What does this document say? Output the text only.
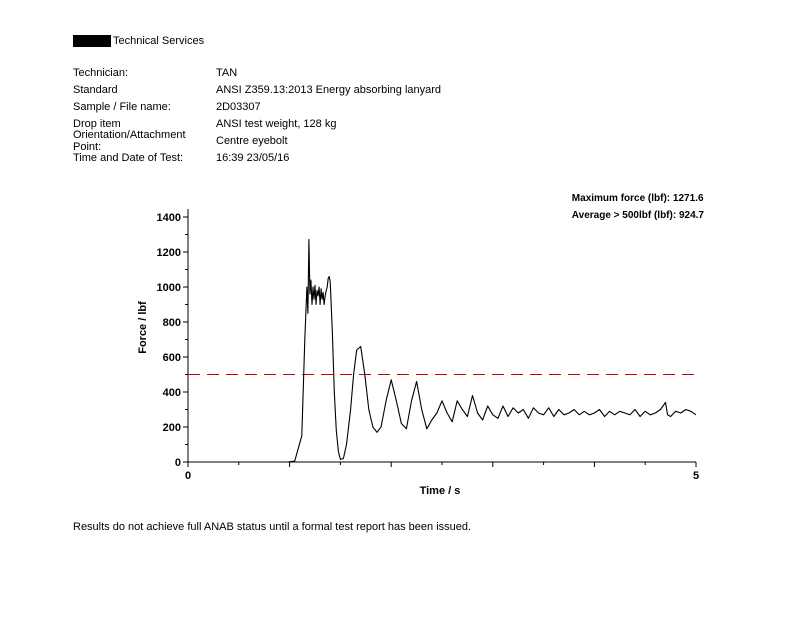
Technical Services
Technician:	TAN
Standard	ANSI Z359.13:2013 Energy absorbing lanyard
Sample / File name:	2D03307
Drop item	ANSI test weight, 128 kg
Orientation/Attachment Point:	Centre eyebolt
Time and Date of Test:	16:39 23/05/16
Maximum force (lbf): 1271.6
Average > 500lbf (lbf): 924.7
0
200
400
600
800
1000
1200
1400
0	5
Time / s
Force / lbf
Results do not achieve full ANAB status until a formal test report has been issued.
